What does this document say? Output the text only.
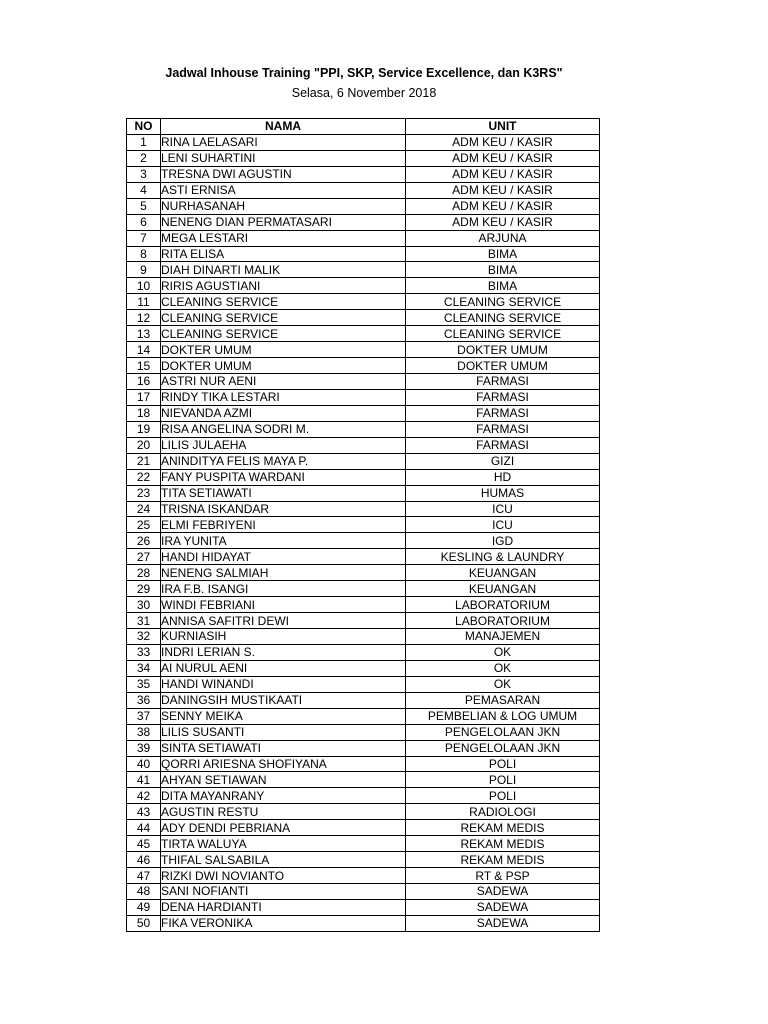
Jadwal Inhouse Training "PPI, SKP, Service Excellence, dan K3RS"
Selasa, 6 November 2018
NO	NAMA	UNIT
1	RINA LAELASARI	ADM KEU / KASIR
2	LENI SUHARTINI	ADM KEU / KASIR
3	TRESNA DWI AGUSTIN	ADM KEU / KASIR
4	ASTI ERNISA	ADM KEU / KASIR
5	NURHASANAH	ADM KEU / KASIR
6	NENENG DIAN PERMATASARI	ADM KEU / KASIR
7	MEGA LESTARI	ARJUNA
8	RITA ELISA	BIMA
9	DIAH DINARTI MALIK	BIMA
10	RIRIS AGUSTIANI	BIMA
11	CLEANING SERVICE	CLEANING SERVICE
12	CLEANING SERVICE	CLEANING SERVICE
13	CLEANING SERVICE	CLEANING SERVICE
14	DOKTER UMUM	DOKTER UMUM
15	DOKTER UMUM	DOKTER UMUM
16	ASTRI NUR AENI	FARMASI
17	RINDY TIKA LESTARI	FARMASI
18	NIEVANDA AZMI	FARMASI
19	RISA ANGELINA SODRI M.	FARMASI
20	LILIS JULAEHA	FARMASI
21	ANINDITYA FELIS MAYA P.	GIZI
22	FANY PUSPITA WARDANI	HD
23	TITA SETIAWATI	HUMAS
24	TRISNA ISKANDAR	ICU
25	ELMI FEBRIYENI	ICU
26	IRA YUNITA	IGD
27	HANDI HIDAYAT	KESLING & LAUNDRY
28	NENENG SALMIAH	KEUANGAN
29	IRA F.B. ISANGI	KEUANGAN
30	WINDI FEBRIANI	LABORATORIUM
31	ANNISA SAFITRI DEWI	LABORATORIUM
32	KURNIASIH	MANAJEMEN
33	INDRI LERIAN S.	OK
34	AI NURUL AENI	OK
35	HANDI WINANDI	OK
36	DANINGSIH MUSTIKAATI	PEMASARAN
37	SENNY MEIKA	PEMBELIAN & LOG UMUM
38	LILIS SUSANTI	PENGELOLAAN JKN
39	SINTA SETIAWATI	PENGELOLAAN JKN
40	QORRI ARIESNA SHOFIYANA	POLI
41	AHYAN SETIAWAN	POLI
42	DITA MAYANRANY	POLI
43	AGUSTIN RESTU	RADIOLOGI
44	ADY DENDI PEBRIANA	REKAM MEDIS
45	TIRTA WALUYA	REKAM MEDIS
46	THIFAL SALSABILA	REKAM MEDIS
47	RIZKI DWI NOVIANTO	RT & PSP
48	SANI NOFIANTI	SADEWA
49	DENA HARDIANTI	SADEWA
50	FIKA VERONIKA	SADEWA
